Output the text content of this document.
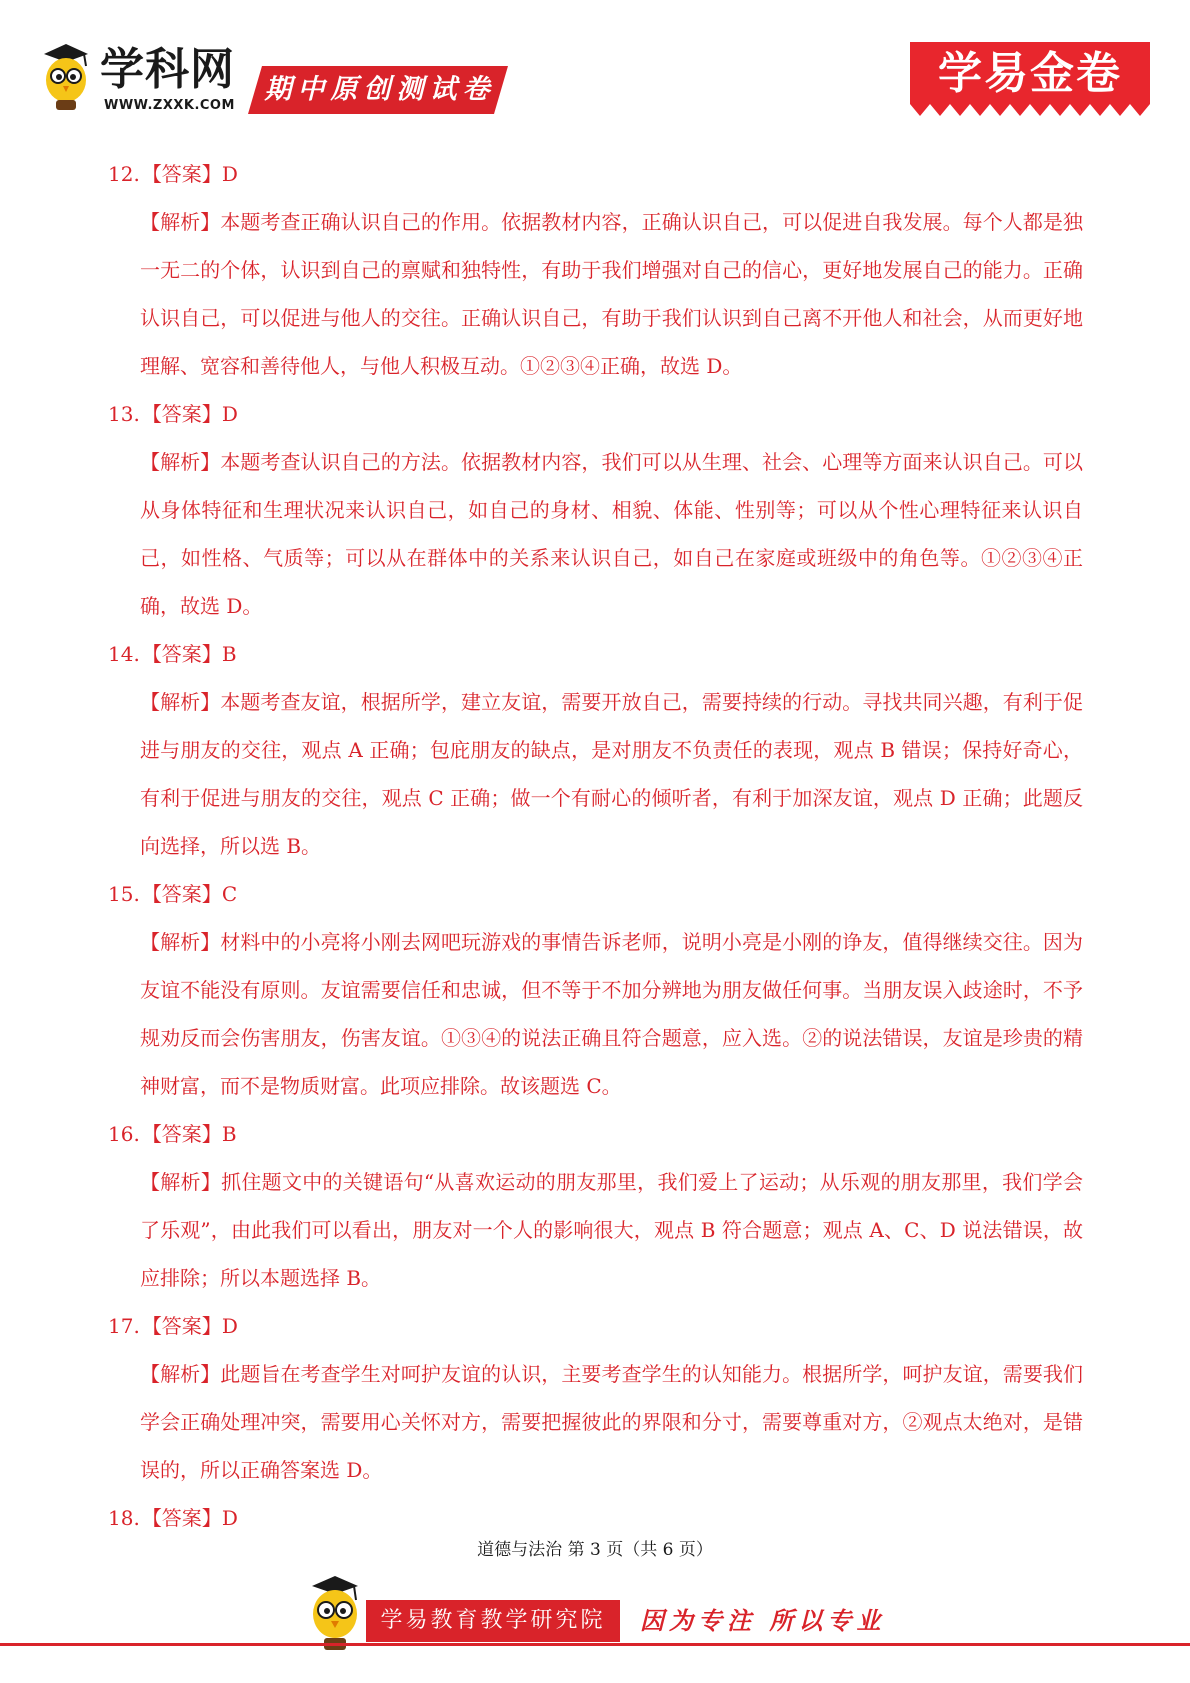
学科网
WWW.ZXXK.COM
期中原创测试卷	学易金卷
12. 【答案】D
【解析】本题考查正确认识自己的作用。依据教材内容，正确认识自己，可以促进自我发展。每个人都是独一无二的个体，认识到自己的禀赋和独特性，有助于我们增强对自己的信心，更好地发展自己的能力。正确认识自己，可以促进与他人的交往。正确认识自己，有助于我们认识到自己离不开他人和社会，从而更好地理解、宽容和善待他人，与他人积极互动。①②③④正确，故选 D。
13. 【答案】D
【解析】本题考查认识自己的方法。依据教材内容，我们可以从生理、社会、心理等方面来认识自己。可以从身体特征和生理状况来认识自己，如自己的身材、相貌、体能、性别等；可以从个性心理特征来认识自己，如性格、气质等；可以从在群体中的关系来认识自己，如自己在家庭或班级中的角色等。①②③④正确，故选 D。
14. 【答案】B
【解析】本题考查友谊，根据所学，建立友谊，需要开放自己，需要持续的行动。寻找共同兴趣，有利于促进与朋友的交往，观点 A 正确；包庇朋友的缺点，是对朋友不负责任的表现，观点 B 错误；保持好奇心，有利于促进与朋友的交往，观点 C 正确；做一个有耐心的倾听者，有利于加深友谊，观点 D 正确；此题反向选择，所以选 B。
15. 【答案】C
【解析】材料中的小亮将小刚去网吧玩游戏的事情告诉老师，说明小亮是小刚的诤友，值得继续交往。因为友谊不能没有原则。友谊需要信任和忠诚，但不等于不加分辨地为朋友做任何事。当朋友误入歧途时，不予规劝反而会伤害朋友，伤害友谊。①③④的说法正确且符合题意，应入选。②的说法错误，友谊是珍贵的精神财富，而不是物质财富。此项应排除。故该题选 C。
16. 【答案】B
【解析】抓住题文中的关键语句“从喜欢运动的朋友那里，我们爱上了运动；从乐观的朋友那里，我们学会了乐观”，由此我们可以看出，朋友对一个人的影响很大，观点 B 符合题意；观点 A、C、D 说法错误，故应排除；所以本题选择 B。
17. 【答案】D
【解析】此题旨在考查学生对呵护友谊的认识，主要考查学生的认知能力。根据所学，呵护友谊，需要我们学会正确处理冲突，需要用心关怀对方，需要把握彼此的界限和分寸，需要尊重对方，②观点太绝对，是错误的，所以正确答案选 D。
18. 【答案】D
道德与法治 第 3 页（共 6 页）
学易教育教学研究院	因为专注 所以专业
